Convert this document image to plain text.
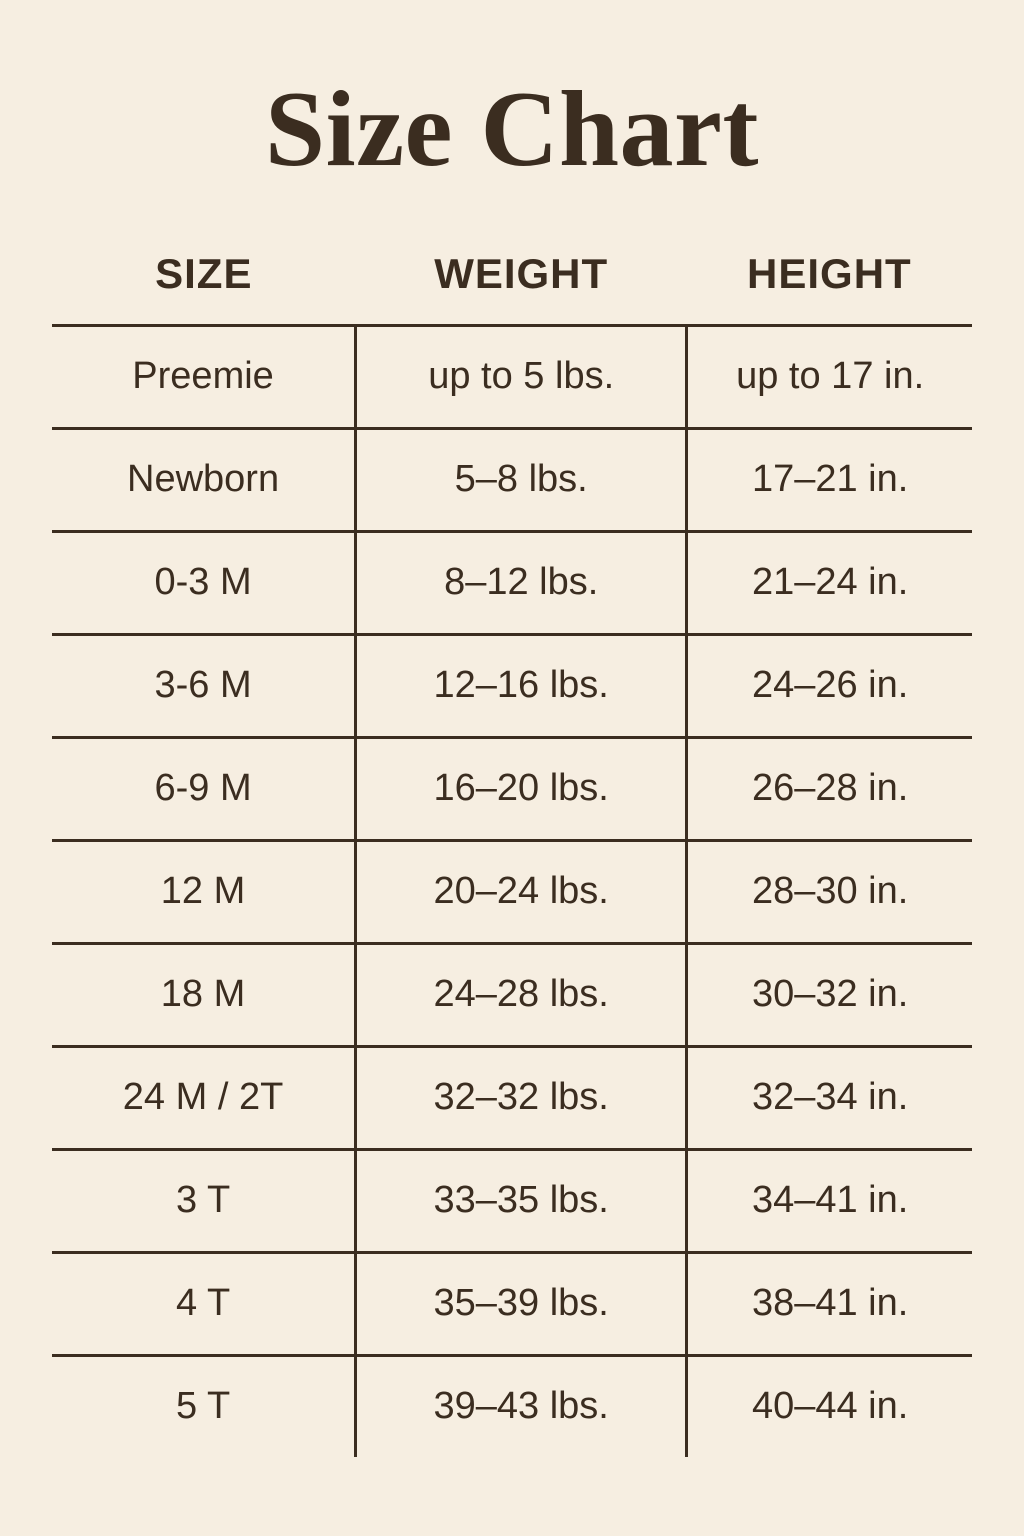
Size Chart
SIZE	WEIGHT	HEIGHT

Preemie	up to 5 lbs.	up to 17 in.

Newborn	5–8 lbs.	17–21 in.

0-3 M	8–12 lbs.	21–24 in.

3-6 M	12–16 lbs.	24–26 in.

6-9 M	16–20 lbs.	26–28 in.

12 M	20–24 lbs.	28–30 in.

18 M	24–28 lbs.	30–32 in.

24 M / 2T	32–32 lbs.	32–34 in.

3 T	33–35 lbs.	34–41 in.

4 T	35–39 lbs.	38–41 in.

5 T	39–43 lbs.	40–44 in.
